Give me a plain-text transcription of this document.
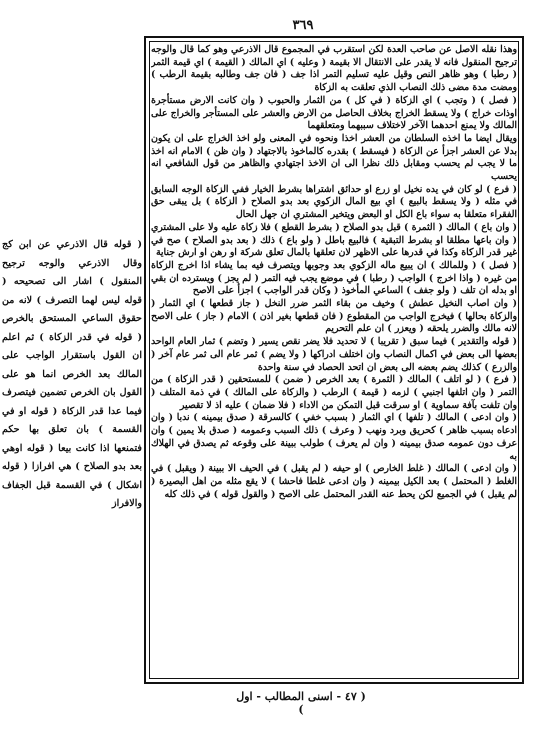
٣٦٩

وهذا نقله الاصل عن صاحب العدة لكن استقرب في المجموع قال الاذرعي وهو كما قال والوجه ترجيح المنقول فانه لا يقدر على الانتقال الا بقيمة ( وعليه ) اي المالك ( القيمة ) اي قيمة الثمر ( رطبا ) وهو ظاهر النص وقيل عليه تسليم التمر اذا جف ( فان جف وطالبه بقيمة الرطب ) ومضت مدة مضى ذلك النصاب الذي تعلقت به الزكاة

( فصل ) ( وتجب ) اي الزكاة ( في كل ) من الثمار والحبوب ( وان كانت الارض مستأجرة اوذات خراج ) ولا يسقط الخراج بخلاف الحاصل من الارض والعشر على المستأجر والخراج على المالك ولا يمنع احدهما الآخر لاختلاف سببهما ومتعلقهما

ويقال ايضا ما اخذه السلطان من العشر اخذا ونحوه في المعنى ولو اخذ الخراج على ان يكون بدلا عن العشر اجزأ عن الزكاة ( فيسقط ) بقدره كالماخوذ بالاجتهاد ( وان ظن ) الامام انه اخذ ما لا يجب لم يحسب ومقابل ذلك نظرا الى ان الاخذ اجتهادي والظاهر من قول الشافعي انه يحسب

( فرع ) لو كان في يده نخيل او زرع او حدائق اشتراها بشرط الخيار ففي الزكاة الوجه السابق في مثله ( ولا يسقط بالبيع ) اي بيع المال الزكوي بعد بدو الصلاح ( الزكاة ) بل يبقى حق الفقراء متعلقا به سواء باع الكل او البعض ويتخير المشتري ان جهل الحال

( وان باع ) المالك ( الثمرة ) قبل بدو الصلاح ( بشرط القطع ) فلا زكاة عليه ولا على المشتري ( وان باعها مطلقا او بشرط التبقية ) فالبيع باطل ( ولو باع ) ذلك ( بعد بدو الصلاح ) صح في غير قدر الزكاة وكذا في قدرها على الاظهر لان تعلقها بالمال تعلق شركة او رهن او ارش جناية

( فصل ) ( وللمالك ) ان يبيع ماله الزكوي بعد وجوبها ويتصرف فيه بما يشاء اذا اخرج الزكاة من غيره ( واذا اخرج ) الواجب ( رطبا ) في موضع يجب فيه التمر ( لم يجز ) ويسترده ان بقي او بدله ان تلف ( ولو جفف ) الساعي المأخوذ ( وكان قدر الواجب ) اجزأ على الاصح

( وان اصاب النخيل عطش ) وخيف من بقاء الثمر ضرر النخل ( جاز قطعها ) اي الثمار ( والزكاة بحالها ) فيخرج الواجب من المقطوع ( فان قطعها بغير اذن ) الامام ( جاز ) على الاصح لانه مالك والضرر يلحقه ( ويعزر ) ان علم التحريم

( قوله والتقدير ) فيما سبق ( تقريبا ) لا تحديد فلا يضر نقص يسير ( وتضم ) ثمار العام الواحد بعضها الى بعض في اكمال النصاب وان اختلف ادراكها ( ولا يضم ) ثمر عام الى ثمر عام آخر ( والزرع ) كذلك يضم بعضه الى بعض ان اتحد الحصاد في سنة واحدة

( فرع ) ( لو اتلف ) المالك ( الثمرة ) بعد الخرص ( ضمن ) للمستحقين ( قدر الزكاة ) من التمر ( وان اتلفها اجنبي ) لزمه ( قيمة ) الرطب ( والزكاة على المالك ) في ذمة المتلف ( وان تلفت بآفة سماوية ) او سرقت قبل التمكن من الاداء ( فلا ضمان ) عليه اذ لا تقصير

( وان ادعى ) المالك ( تلفها ) اي الثمار ( بسبب خفي ) كالسرقة ( صدق بيمينه ) ندبا ( وان ادعاه بسبب ظاهر ) كحريق وبرد ونهب ( وعرف ) ذلك السبب وعمومه ( صدق بلا يمين ) وان عرف دون عمومه صدق بيمينه ( وان لم يعرف ) طولب ببينة على وقوعه ثم يصدق في الهلاك به

( وان ادعى ) المالك ( غلط الخارص ) او حيفه ( لم يقبل ) في الحيف الا ببينة ( ويقبل ) في الغلط ( المحتمل ) بعد الكيل بيمينه ( وان ادعى غلطا فاحشا ) لا يقع مثله من اهل البصيرة ( لم يقبل ) في الجميع لكن يحط عنه القدر المحتمل على الاصح ( والقول قوله ) في ذلك كله

( قوله قال الاذرعي عن ابن كج وقال الاذرعي والوجه ترجيح المنقول ) اشار الى تصحيحه ( قوله ليس لهما التصرف ) لانه من حقوق الساعي المستحق بالخرص ( قوله في قدر الزكاة ) ثم اعلم ان القول باستقرار الواجب على المالك بعد الخرص انما هو على القول بان الخرص تضمين فيتصرف فيما عدا قدر الزكاة ( قوله او في القسمة ) بان تعلق بها حكم فتمنعها اذا كانت بيعا ( قوله اوهي بعد بدو الصلاح ) هي افرازا ( قوله اشكال ) في القسمة قبل الجفاف والافراز

( ٤٧ - اسنى المطالب - اول )
